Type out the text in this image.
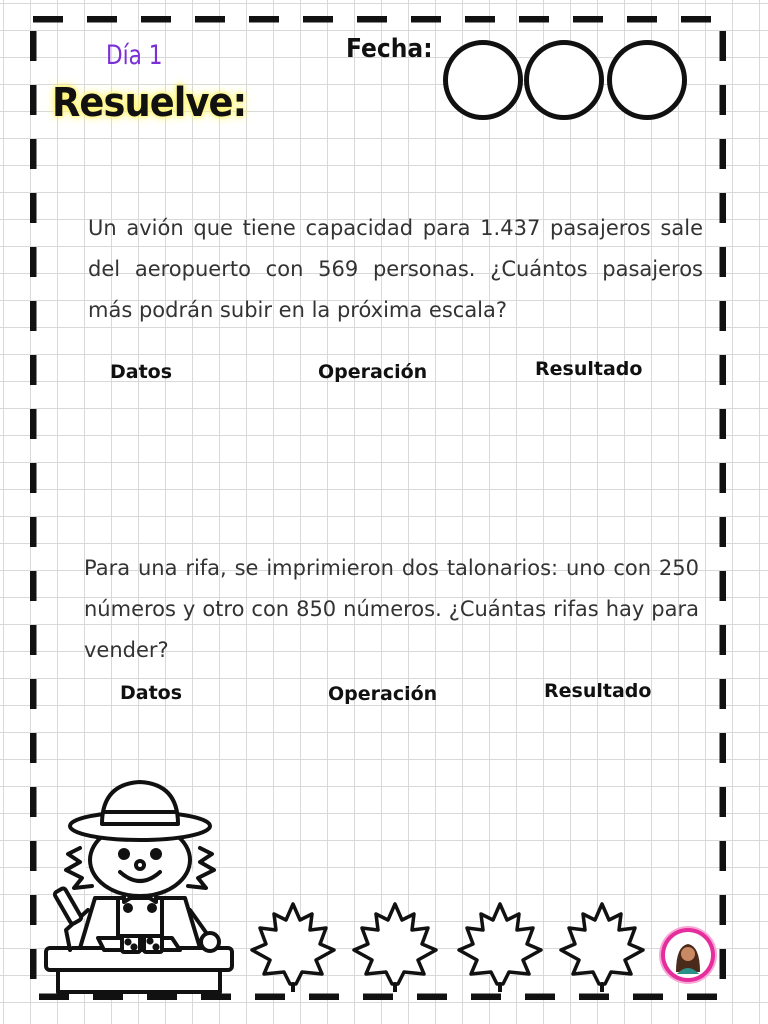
Día 1
Resuelve:
Fecha:
Un avión que tiene capacidad para 1.437 pasajeros sale del aeropuerto con 569 personas. ¿Cuántos pasajeros más podrán subir en la próxima escala?
Datos	Operación	Resultado
Para una rifa, se imprimieron dos talonarios: uno con 250 números y otro con 850 números. ¿Cuántas rifas hay para vender?
Datos	Operación	Resultado
